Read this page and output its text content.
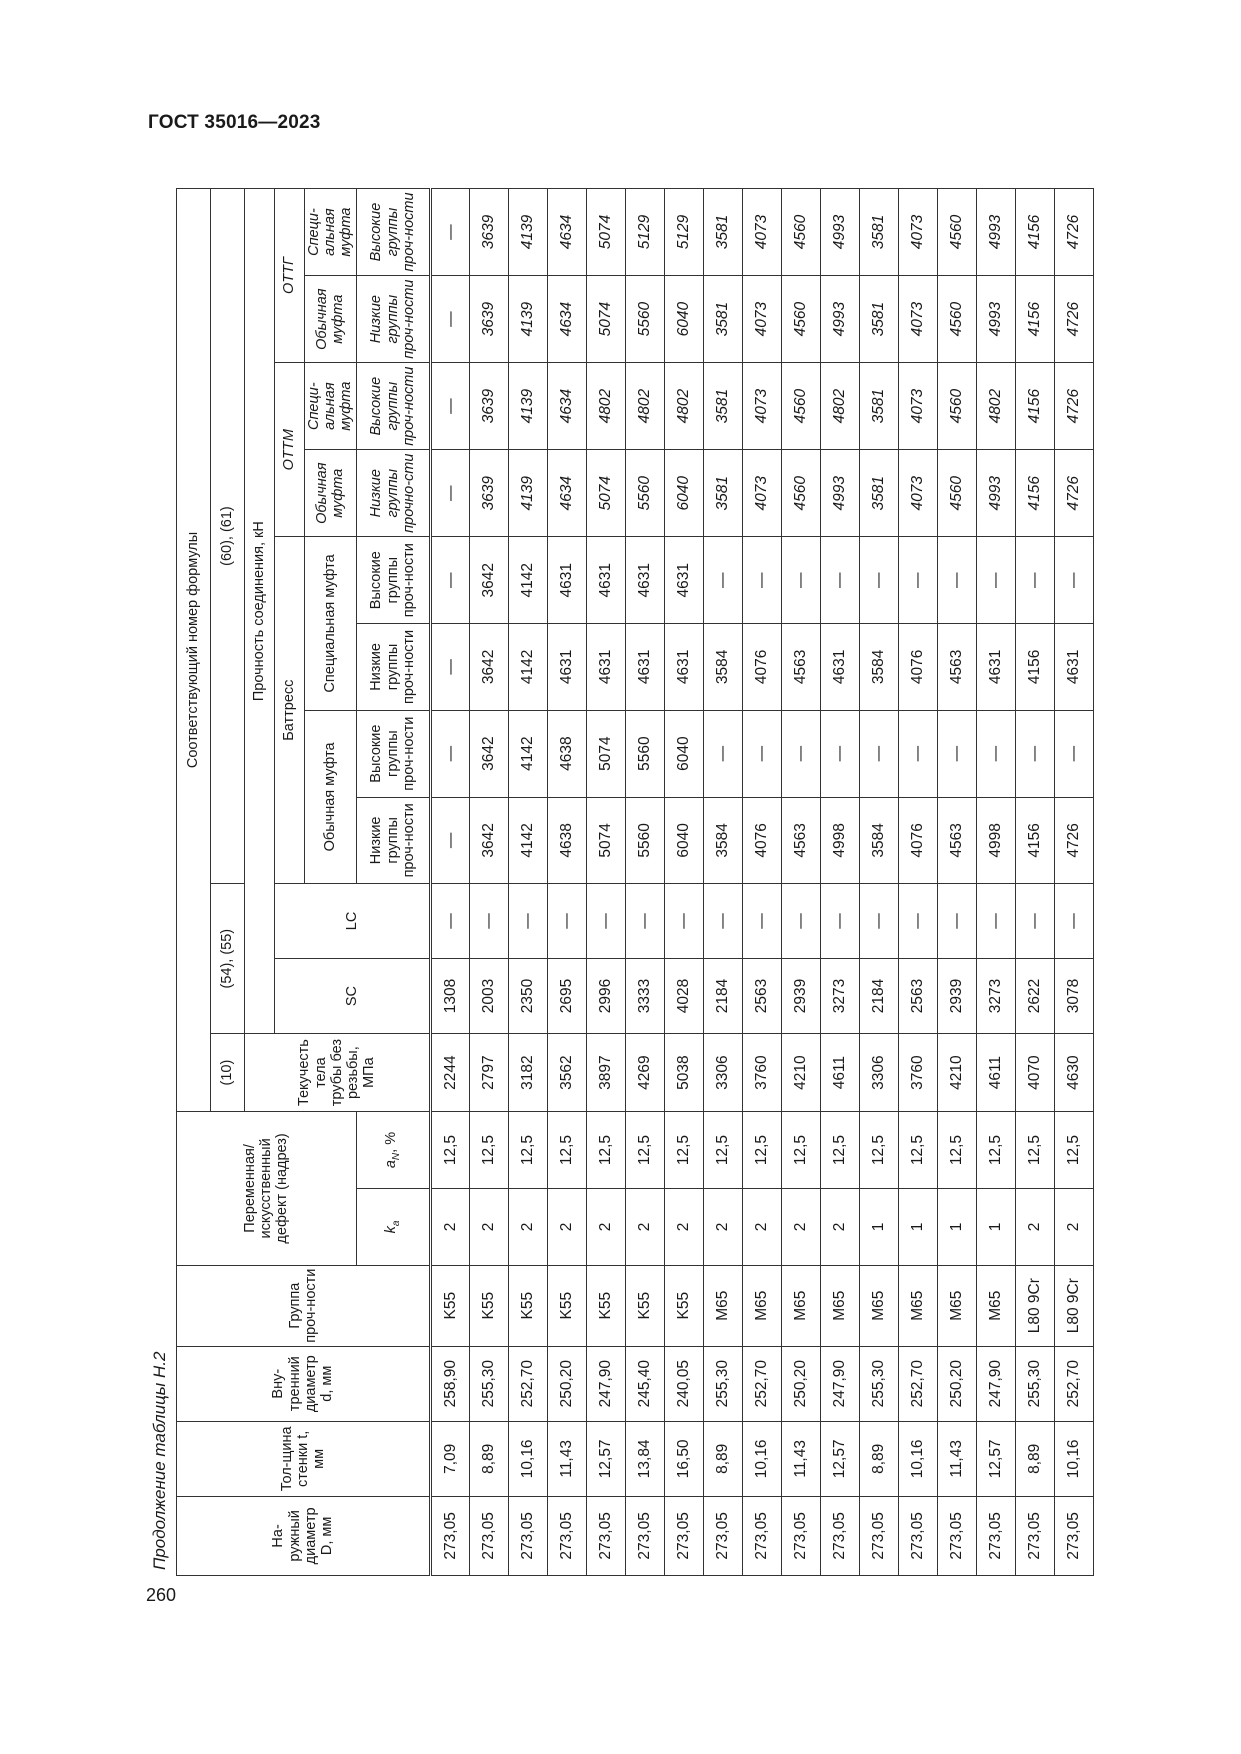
ГОСТ 35016—2023
260
Продолжение таблицы Н.2	На-ружный диаметр D, мм	Тол-щина стенки t, мм	Вну-тренний диаметр d, мм	Группа проч-ности	Переменная/ искусственный дефект (надрез)		Соответствующий номер формулы										
						(10)	(54), (55)		(60), (61)							
						Текучесть тела трубы без резьбы, МПа	Прочность соединения, кН									
							SC	LC	Баттресс				ОТТМ		ОТТГ	
									Обычная муфта		Специальная муфта		Обычная муфта	Специ-альная муфта	Обычная муфта	Специ-альная муфта
				$k_a$	$a_N$, %				Низкие группы проч-ности	Высокие группы проч-ности	Низкие группы проч-ности	Высокие группы проч-ности	Низкие группы прочно-сти	Высокие группы проч-ности	Низкие группы проч-ности	Высокие группы проч-ности
273,05	7,09	258,90	K55	2	12,5	2244	1308	—	—	—	—	—	—	—	—	—
273,05	8,89	255,30	K55	2	12,5	2797	2003	—	3642	3642	3642	3642	3639	3639	3639	3639
273,05	10,16	252,70	K55	2	12,5	3182	2350	—	4142	4142	4142	4142	4139	4139	4139	4139
273,05	11,43	250,20	K55	2	12,5	3562	2695	—	4638	4638	4631	4631	4634	4634	4634	4634
273,05	12,57	247,90	K55	2	12,5	3897	2996	—	5074	5074	4631	4631	5074	4802	5074	5074
273,05	13,84	245,40	K55	2	12,5	4269	3333	—	5560	5560	4631	4631	5560	4802	5560	5129
273,05	16,50	240,05	K55	2	12,5	5038	4028	—	6040	6040	4631	4631	6040	4802	6040	5129
273,05	8,89	255,30	M65	2	12,5	3306	2184	—	3584	—	3584	—	3581	3581	3581	3581
273,05	10,16	252,70	M65	2	12,5	3760	2563	—	4076	—	4076	—	4073	4073	4073	4073
273,05	11,43	250,20	M65	2	12,5	4210	2939	—	4563	—	4563	—	4560	4560	4560	4560
273,05	12,57	247,90	M65	2	12,5	4611	3273	—	4998	—	4631	—	4993	4802	4993	4993
273,05	8,89	255,30	M65	1	12,5	3306	2184	—	3584	—	3584	—	3581	3581	3581	3581
273,05	10,16	252,70	M65	1	12,5	3760	2563	—	4076	—	4076	—	4073	4073	4073	4073
273,05	11,43	250,20	M65	1	12,5	4210	2939	—	4563	—	4563	—	4560	4560	4560	4560
273,05	12,57	247,90	M65	1	12,5	4611	3273	—	4998	—	4631	—	4993	4802	4993	4993
273,05	8,89	255,30	L80 9Cr	2	12,5	4070	2622	—	4156	—	4156	—	4156	4156	4156	4156
273,05	10,16	252,70	L80 9Cr	2	12,5	4630	3078	—	4726	—	4631	—	4726	4726	4726	4726
